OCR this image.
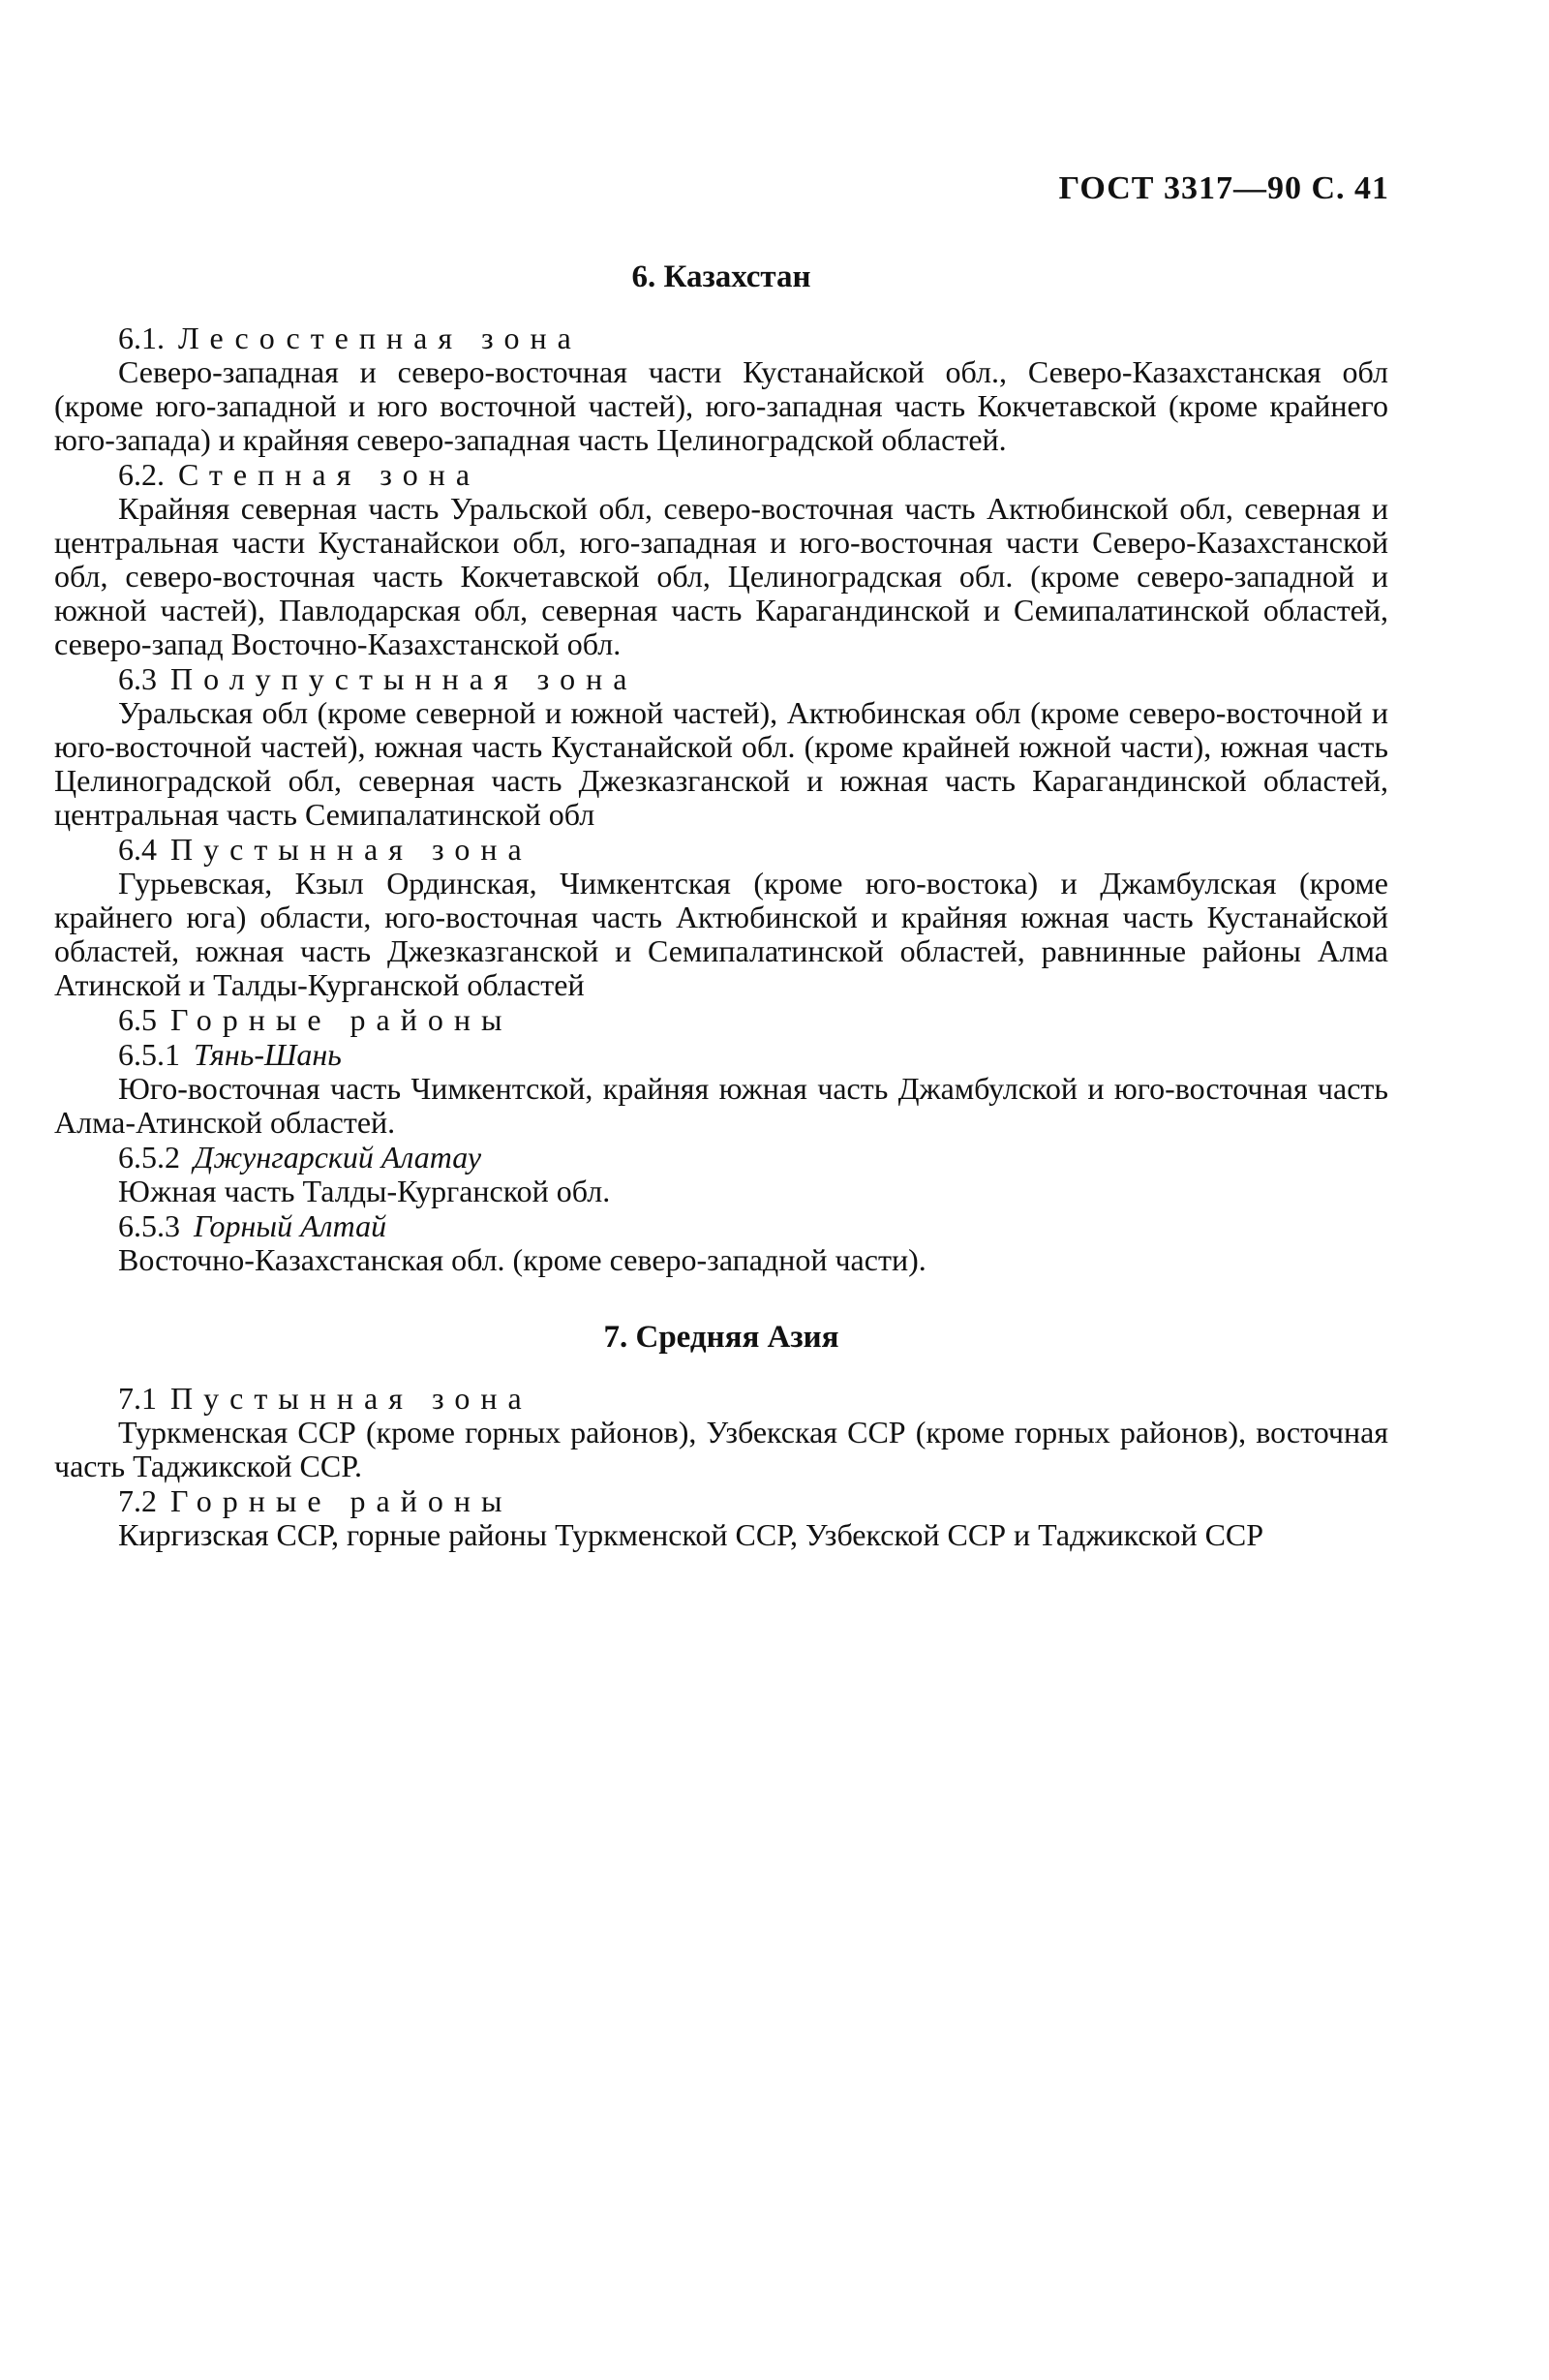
ГОСТ 3317—90 С. 41
6. Казахстан
6.1. Лесостепная зона

Северо-западная и северо-восточная части Кустанайской обл., Северо-Казахстанская обл (кроме юго-западной и юго восточной частей), юго-западная часть Кокчетавской (кроме крайнего юго-запада) и крайняя северо-западная часть Целиноградской областей.

6.2. Степная зона

Крайняя северная часть Уральской обл, северо-восточная часть Актюбинской обл, северная и центральная части Кустанайскои обл, юго-западная и юго-восточная части Северо-Казахстанской обл, северо-восточная часть Кокчетавской обл, Целиноградская обл. (кроме северо-западной и южной частей), Павлодарская обл, северная часть Карагандинской и Семипалатинской областей, северо-запад Восточно-Казахстанской обл.

6.3 Полупустынная зона

Уральская обл (кроме северной и южной частей), Актюбинская обл (кроме северо-восточной и юго-восточной частей), южная часть Кустанайской обл. (кроме крайней южной части), южная часть Целиноградской обл, северная часть Джезказганской и южная часть Карагандинской областей, центральная часть Семипалатинской обл

6.4 Пустынная зона

Гурьевская, Кзыл Ординская, Чимкентская (кроме юго-востока) и Джамбулская (кроме крайнего юга) области, юго-восточная часть Актюбинской и крайняя южная часть Кустанайской областей, южная часть Джезказганской и Семипалатинской областей, равнинные районы Алма Атинской и Талды-Курганской областей

6.5 Горные районы
6.5.1 Тянь-Шань

Юго-восточная часть Чимкентской, крайняя южная часть Джамбулской и юго-восточная часть Алма-Атинской областей.

6.5.2 Джунгарский Алатау

Южная часть Талды-Курганской обл.

6.5.3 Горный Алтай

Восточно-Казахстанская обл. (кроме северо-западной части).

7. Средняя Азия
7.1 Пустынная зона

Туркменская ССР (кроме горных районов), Узбекская ССР (кроме горных районов), восточная часть Таджикской ССР.

7.2 Горные районы

Киргизская ССР, горные районы Туркменской ССР, Узбекской ССР и Таджикской ССР
